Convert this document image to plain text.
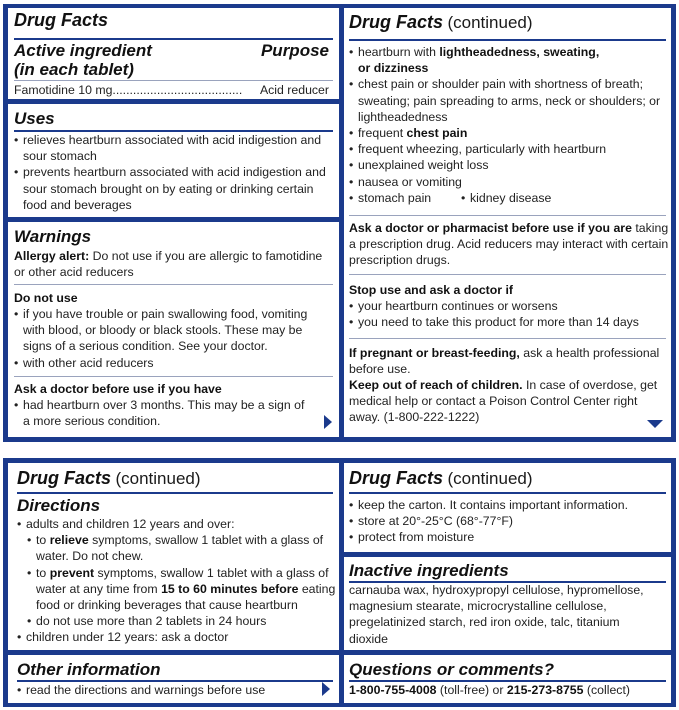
Drug Facts
Active ingredient	Purpose
(in each tablet)
Famotidine 10 mg......................................	Acid reducer
Uses
• relieves heartburn associated with acid indigestion and sour stomach
• prevents heartburn associated with acid indigestion and sour stomach brought on by eating or drinking certain food and beverages
Warnings
Allergy alert: Do not use if you are allergic to famotidine or other acid reducers
Do not use
• if you have trouble or pain swallowing food, vomiting with blood, or bloody or black stools. These may be signs of a serious condition. See your doctor.
• with other acid reducers
Ask a doctor before use if you have
• had heartburn over 3 months. This may be a sign of a more serious condition.
Drug Facts (continued)
• heartburn with lightheadedness, sweating,
or dizziness
• chest pain or shoulder pain with shortness of breath; sweating; pain spreading to arms, neck or shoulders; or lightheadedness
• frequent chest pain
• frequent wheezing, particularly with heartburn
• unexplained weight loss
• nausea or vomiting
• stomach pain•	kidney disease
Ask a doctor or pharmacist before use if you are taking a prescription drug. Acid reducers may interact with certain prescription drugs.
Stop use and ask a doctor if
• your heartburn continues or worsens
• you need to take this product for more than 14 days
If pregnant or breast-feeding, ask a health professional before use.
Keep out of reach of children. In case of overdose, get medical help or contact a Poison Control Center right away. (1-800-222-1222)
Drug Facts (continued)
Directions
• adults and children 12 years and over:
• to relieve symptoms, swallow 1 tablet with a glass of water. Do not chew.
• to prevent symptoms, swallow 1 tablet with a glass of water at any time from 15 to 60 minutes before eating food or drinking beverages that cause heartburn
• do not use more than 2 tablets in 24 hours
• children under 12 years: ask a doctor
Other information
• read the directions and warnings before use
Drug Facts (continued)
• keep the carton. It contains important information.
• store at 20°-25°C (68°-77°F)
• protect from moisture
Inactive ingredients
carnauba wax, hydroxypropyl cellulose, hypromellose, magnesium stearate, microcrystalline cellulose, pregelatinized starch, red iron oxide, talc, titanium dioxide
Questions or comments?
1-800-755-4008 (toll-free) or 215-273-8755 (collect)
